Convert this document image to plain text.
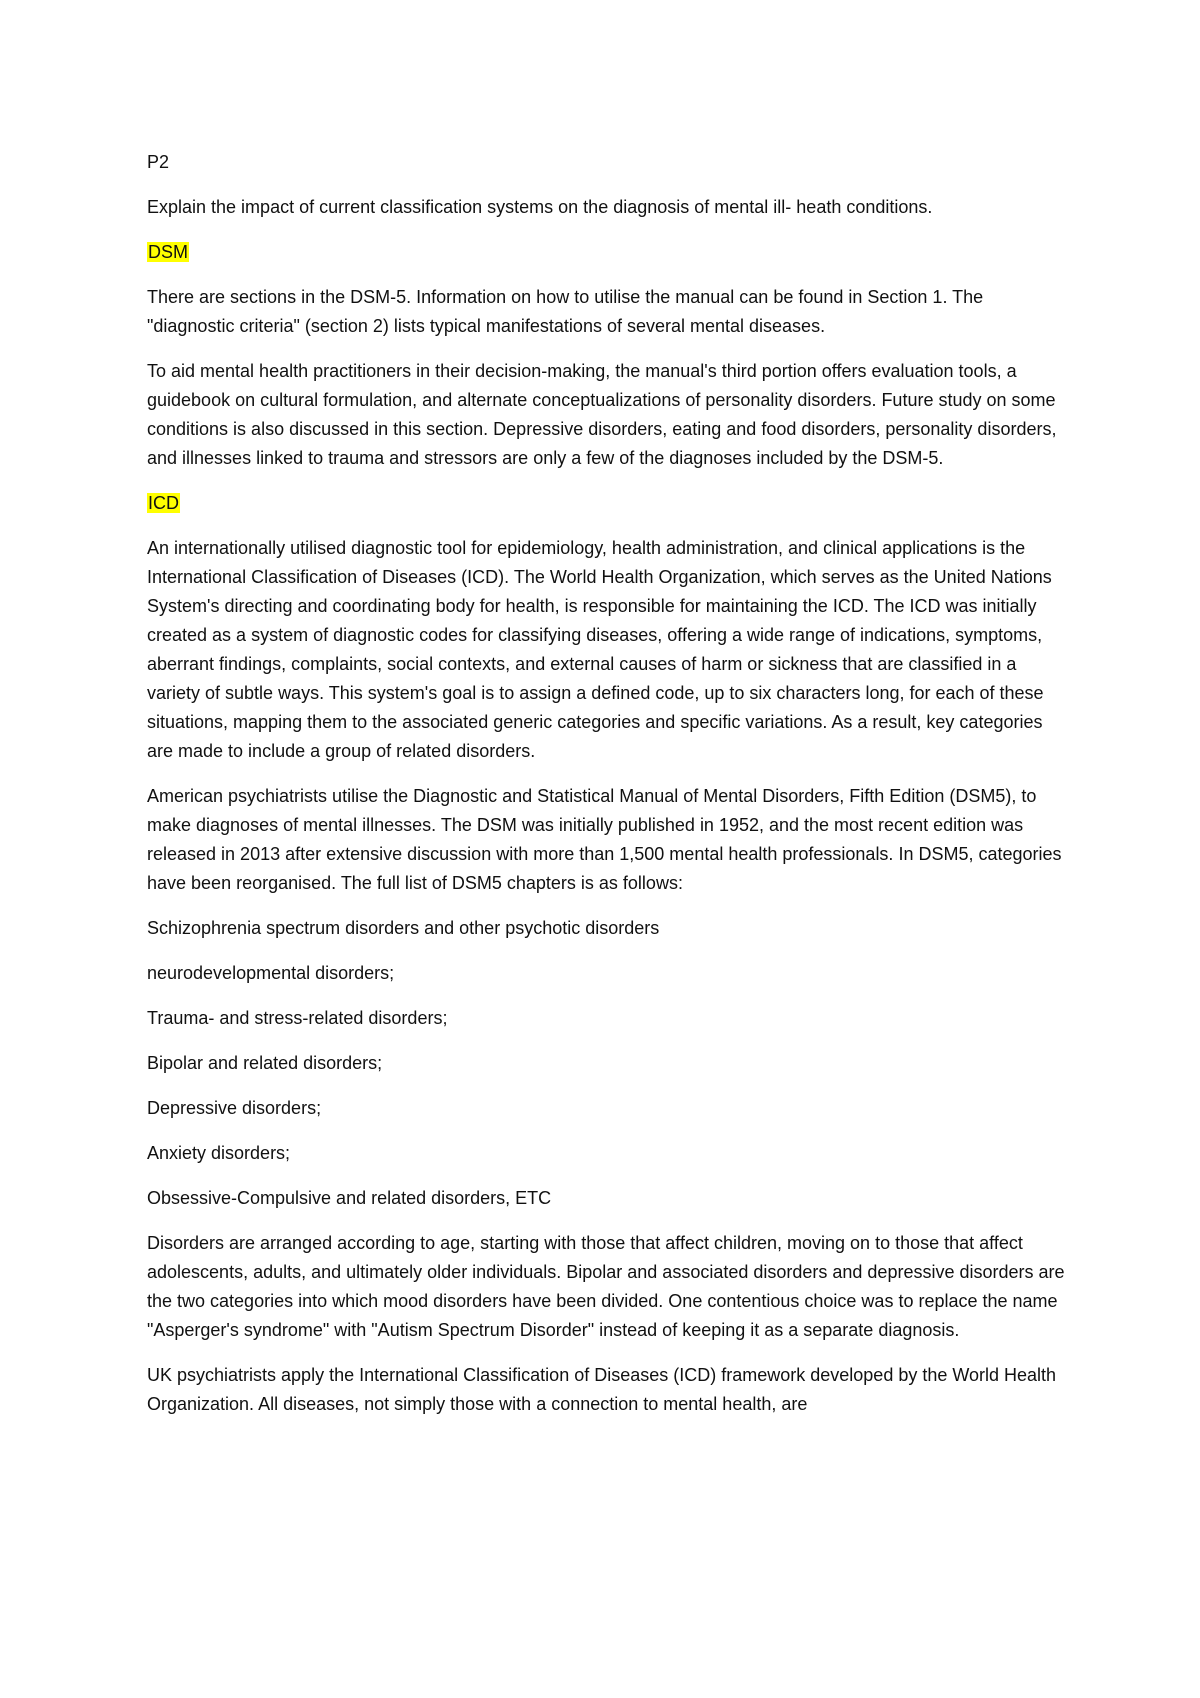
P2

Explain the impact of current classification systems on the diagnosis of mental ill- heath conditions.

DSM

There are sections in the DSM-5. Information on how to utilise the manual can be found in Section 1. The "diagnostic criteria" (section 2) lists typical manifestations of several mental diseases.

To aid mental health practitioners in their decision-making, the manual's third portion offers evaluation tools, a guidebook on cultural formulation, and alternate conceptualizations of personality disorders. Future study on some conditions is also discussed in this section. Depressive disorders, eating and food disorders, personality disorders, and illnesses linked to trauma and stressors are only a few of the diagnoses included by the DSM-5.

ICD

An internationally utilised diagnostic tool for epidemiology, health administration, and clinical applications is the International Classification of Diseases (ICD). The World Health Organization, which serves as the United Nations System's directing and coordinating body for health, is responsible for maintaining the ICD. The ICD was initially created as a system of diagnostic codes for classifying diseases, offering a wide range of indications, symptoms, aberrant findings, complaints, social contexts, and external causes of harm or sickness that are classified in a variety of subtle ways. This system's goal is to assign a defined code, up to six characters long, for each of these situations, mapping them to the associated generic categories and specific variations. As a result, key categories are made to include a group of related disorders.

American psychiatrists utilise the Diagnostic and Statistical Manual of Mental Disorders, Fifth Edition (DSM5), to make diagnoses of mental illnesses. The DSM was initially published in 1952, and the most recent edition was released in 2013 after extensive discussion with more than 1,500 mental health professionals. In DSM5, categories have been reorganised. The full list of DSM5 chapters is as follows:

Schizophrenia spectrum disorders and other psychotic disorders

neurodevelopmental disorders;

Trauma- and stress-related disorders;

Bipolar and related disorders;

Depressive disorders;

Anxiety disorders;

Obsessive-Compulsive and related disorders, ETC

Disorders are arranged according to age, starting with those that affect children, moving on to those that affect adolescents, adults, and ultimately older individuals. Bipolar and associated disorders and depressive disorders are the two categories into which mood disorders have been divided. One contentious choice was to replace the name "Asperger's syndrome" with "Autism Spectrum Disorder" instead of keeping it as a separate diagnosis.

UK psychiatrists apply the International Classification of Diseases (ICD) framework developed by the World Health Organization. All diseases, not simply those with a connection to mental health, are
